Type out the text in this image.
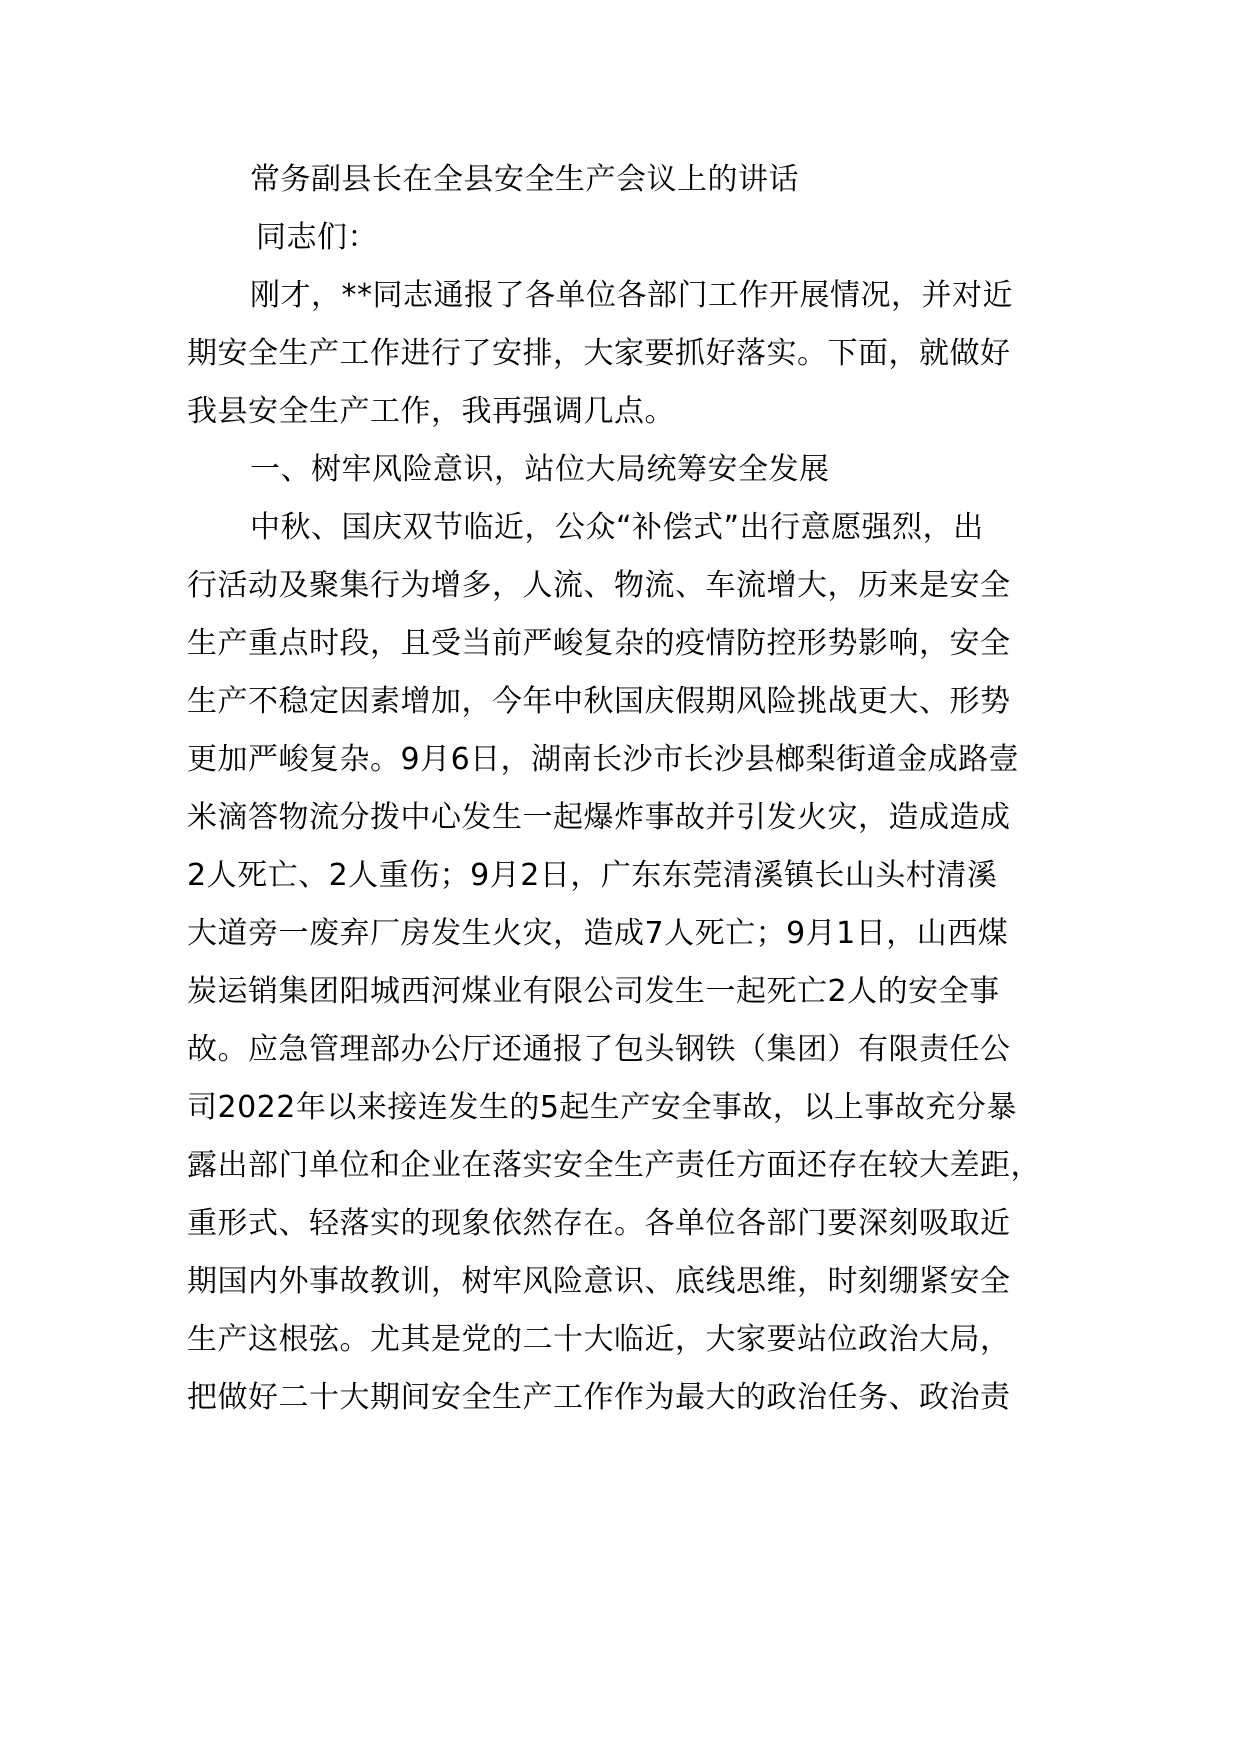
常务副县长在全县安全生产会议上的讲话
同志们：
刚才，**同志通报了各单位各部门工作开展情况，并对近
期安全生产工作进行了安排，大家要抓好落实。下面，就做好
我县安全生产工作，我再强调几点。
一、树牢风险意识，站位大局统筹安全发展
中秋、国庆双节临近，公众“补偿式”出行意愿强烈，出
行活动及聚集行为增多，人流、物流、车流增大，历来是安全
生产重点时段，且受当前严峻复杂的疫情防控形势影响，安全
生产不稳定因素增加，今年中秋国庆假期风险挑战更大、形势
更加严峻复杂。9月6日，湖南长沙市长沙县榔梨街道金成路壹
米滴答物流分拨中心发生一起爆炸事故并引发火灾，造成造成
2人死亡、2人重伤；9月2日，广东东莞清溪镇长山头村清溪
大道旁一废弃厂房发生火灾，造成7人死亡；9月1日，山西煤
炭运销集团阳城西河煤业有限公司发生一起死亡2人的安全事
故。应急管理部办公厅还通报了包头钢铁（集团）有限责任公
司2022年以来接连发生的5起生产安全事故，以上事故充分暴
露出部门单位和企业在落实安全生产责任方面还存在较大差距，
重形式、轻落实的现象依然存在。各单位各部门要深刻吸取近
期国内外事故教训，树牢风险意识、底线思维，时刻绷紧安全
生产这根弦。尤其是党的二十大临近，大家要站位政治大局，
把做好二十大期间安全生产工作作为最大的政治任务、政治责
